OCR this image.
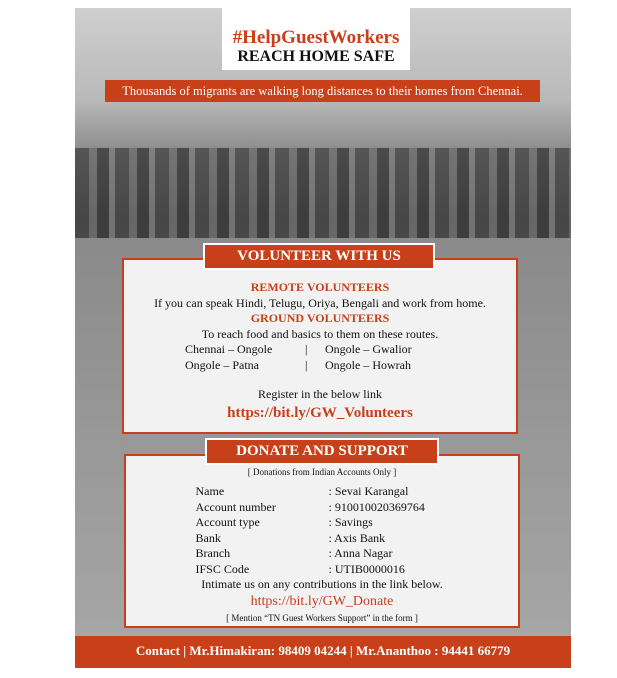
#HelpGuestWorkers
REACH HOME SAFE
Thousands of migrants are walking long distances to their homes from Chennai.
REMOTE VOLUNTEERS
If you can speak Hindi, Telugu, Oriya, Bengali and work from home.
GROUND VOLUNTEERS
To reach food and basics to them on these routes.
Chennai – Ongole	|	Ongole – Gwalior
Ongole – Patna	|	Ongole – Howrah
Register in the below link
https://bit.ly/GW_Volunteers
VOLUNTEER WITH US
[ Donations from Indian Accounts Only ]
Name	: Sevai Karangal
Account number	: 910010020369764
Account type	: Savings
Bank	: Axis Bank
Branch	: Anna Nagar
IFSC Code	: UTIB0000016
Intimate us on any contributions in the link below.
https://bit.ly/GW_Donate
[ Mention “TN Guest Workers Support” in the form ]
DONATE AND SUPPORT
Contact | Mr.Himakiran: 98409 04244 | Mr.Ananthoo : 94441 66779
